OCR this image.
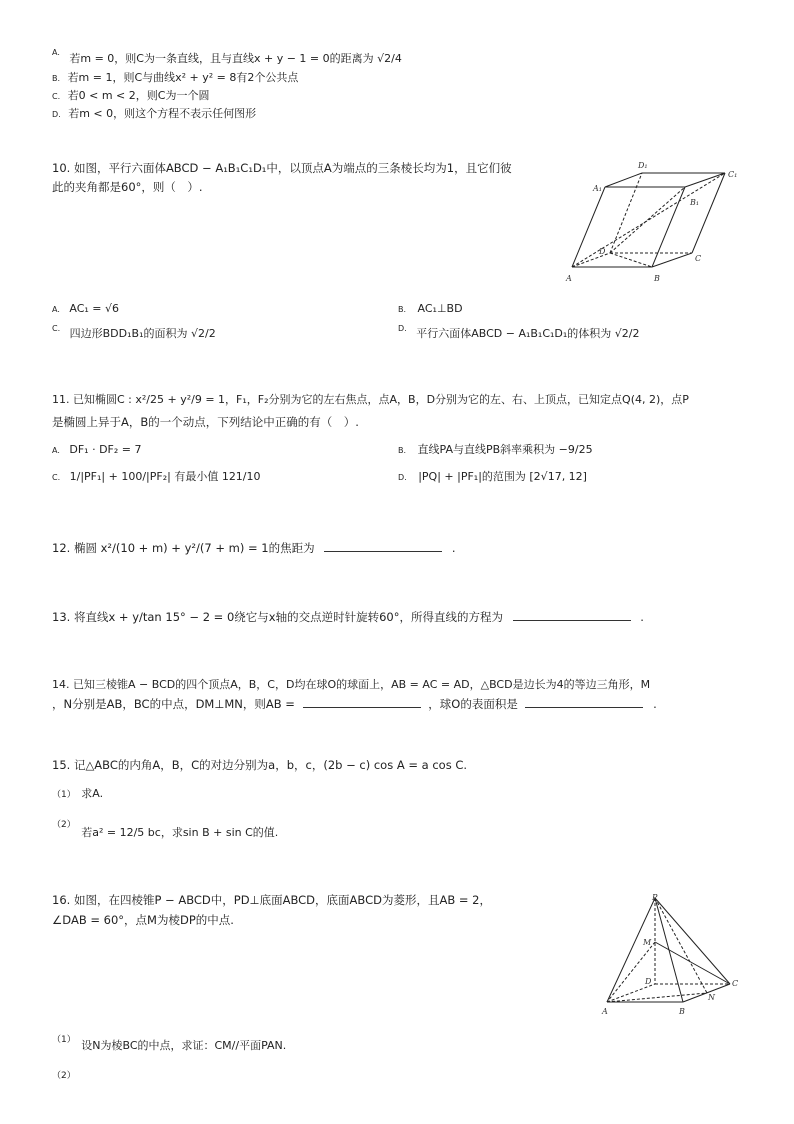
$^{A.}$ 若m = 0，则C为一条直线，且与直线x + y − 1 = 0的距离为 √2/4
B. 若m = 1，则C与曲线x² + y² = 8有2个公共点
C. 若0 < m < 2，则C为一个圆
D. 若m < 0，则这个方程不表示任何图形
10. 如图，平行六面体ABCD − A₁B₁C₁D₁中，以顶点A为端点的三条棱长均为1，且它们彼
此的夹角都是60°，则（　）.
D₁
C₁
A₁
B₁
D
C
A	B
A. AC₁ = √6	B. AC₁⊥BD
$^{C.}$ 四边形BDD₁B₁的面积为 √2/2	$^{D.}$ 平行六面体ABCD − A₁B₁C₁D₁的体积为 √2/2
11. 已知椭圆C : x²/25 + y²/9 = 1，F₁，F₂分别为它的左右焦点，点A，B，D分别为它的左、右、上顶点，已知定点Q(4, 2)，点P
是椭圆上异于A，B的一个动点，下列结论中正确的有（　）.
A. DF₁ · DF₂ = 7	B. 直线PA与直线PB斜率乘积为 −9/25
C. 1/|PF₁| + 100/|PF₂| 有最小值 121/10	D. |PQ| + |PF₁|的范围为 [2√17, 12]
12. 椭圆 x²/(10 + m) + y²/(7 + m) = 1的焦距为	.
13. 将直线x + y/tan 15° − 2 = 0绕它与x轴的交点逆时针旋转60°，所得直线的方程为	.
14. 已知三棱锥A − BCD的四个顶点A，B，C，D均在球O的球面上，AB = AC = AD，△BCD是边长为4的等边三角形，M
，N分别是AB，BC的中点，DM⊥MN，则AB =	，球O的表面积是	.
15. 记△ABC的内角A，B，C的对边分别为a，b，c，(2b − c) cos A = a cos C.
（1） 求A.
$^{(2)}$ 若a² = 12/5 bc，求sin B + sin C的值.
16. 如图，在四棱锥P − ABCD中，PD⊥底面ABCD，底面ABCD为菱形，且AB = 2，
∠DAB = 60°，点M为棱DP的中点.
P
M
D	C
N
A	B
$^{(1)}$ 设N为棱BC的中点，求证：CM//平面PAN.
（2）
